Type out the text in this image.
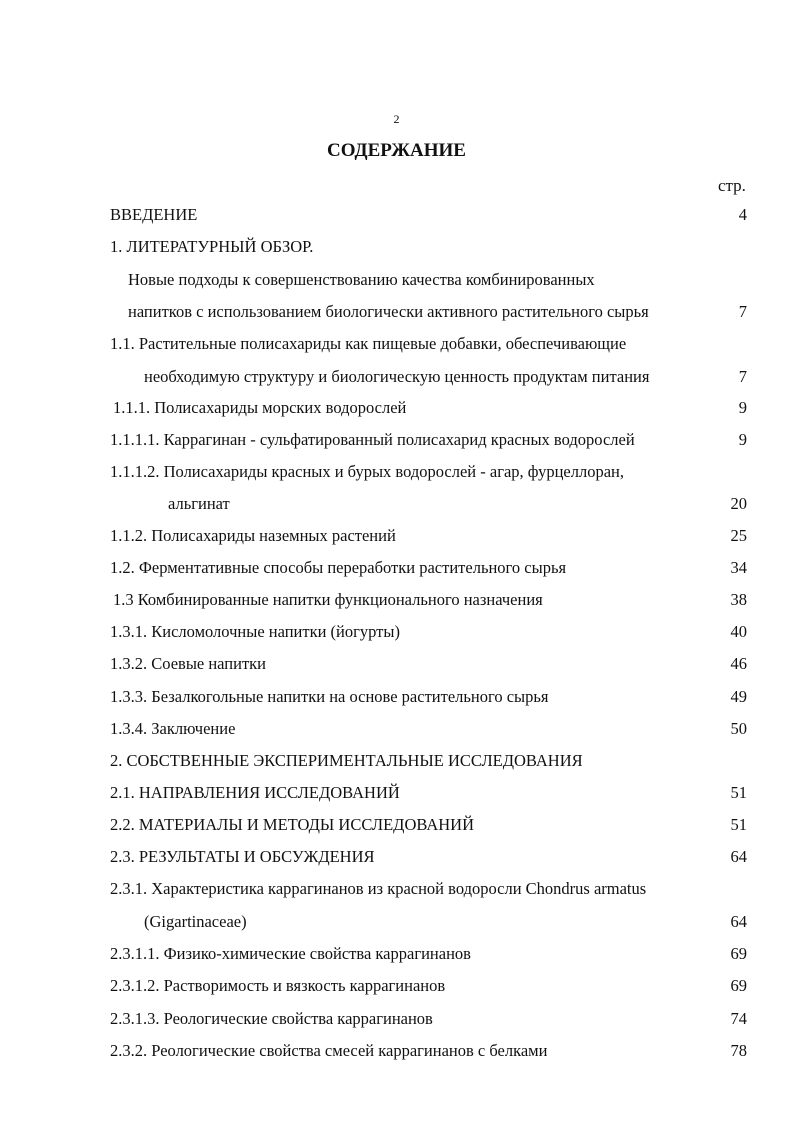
2
СОДЕРЖАНИЕ
стр.
ВВЕДЕНИЕ	4
1. ЛИТЕРАТУРНЫЙ ОБЗОР.
Новые подходы к совершенствованию качества комбинированных
напитков с использованием биологически активного растительного сырья	7
1.1. Растительные полисахариды как пищевые добавки, обеспечивающие
необходимую структуру и биологическую ценность продуктам питания	7
1.1.1. Полисахариды морских водорослей	9
1.1.1.1. Каррагинан - сульфатированный полисахарид красных водорослей	9
1.1.1.2. Полисахариды красных и бурых водорослей - агар, фурцеллоран,
альгинат	20
1.1.2. Полисахариды наземных растений	25
1.2. Ферментативные способы переработки растительного сырья	34
1.3 Комбинированные напитки функционального назначения	38
1.3.1. Кисломолочные напитки (йогурты)	40
1.3.2. Соевые напитки	46
1.3.3. Безалкогольные напитки на основе растительного сырья	49
1.3.4. Заключение	50
2. СОБСТВЕННЫЕ ЭКСПЕРИМЕНТАЛЬНЫЕ ИССЛЕДОВАНИЯ
2.1. НАПРАВЛЕНИЯ ИССЛЕДОВАНИЙ	51
2.2. МАТЕРИАЛЫ И МЕТОДЫ ИССЛЕДОВАНИЙ	51
2.3. РЕЗУЛЬТАТЫ И ОБСУЖДЕНИЯ	64
2.3.1. Характеристика каррагинанов из красной водоросли Chondrus armatus
(Gigartinaceae)	64
2.3.1.1. Физико-химические свойства каррагинанов	69
2.3.1.2. Растворимость и вязкость каррагинанов	69
2.3.1.3. Реологические свойства каррагинанов	74
2.3.2. Реологические свойства смесей каррагинанов с белками	78
